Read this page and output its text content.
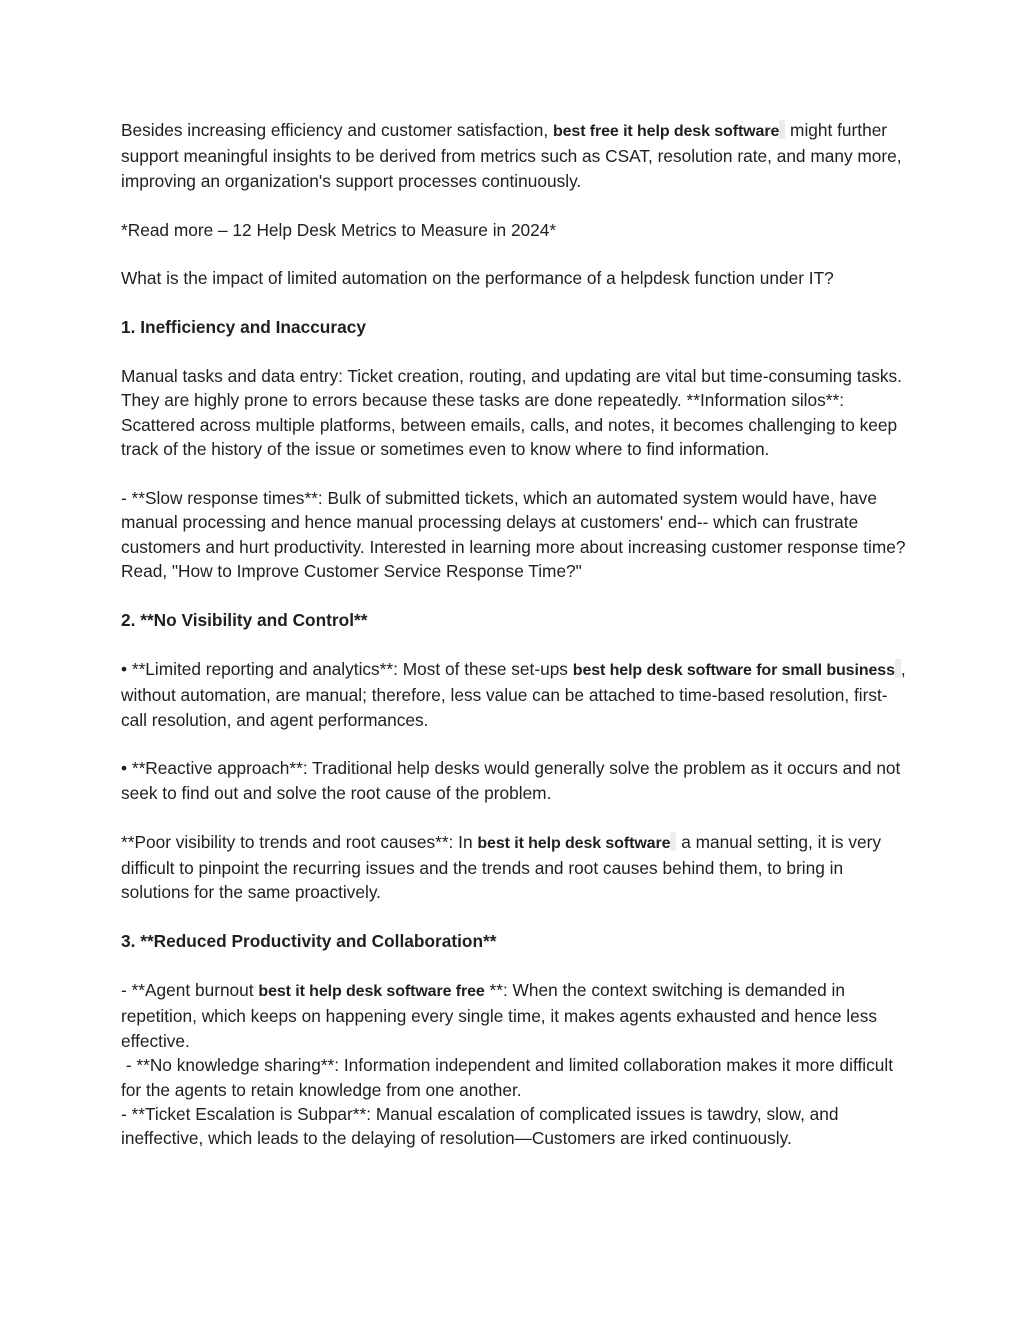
Besides increasing efficiency and customer satisfaction, best free it help desk software might further support meaningful insights to be derived from metrics such as CSAT, resolution rate, and many more, improving an organization's support processes continuously.

*Read more – 12 Help Desk Metrics to Measure in 2024*

What is the impact of limited automation on the performance of a helpdesk function under IT?

1. Inefficiency and Inaccuracy

Manual tasks and data entry: Ticket creation, routing, and updating are vital but time-consuming tasks. They are highly prone to errors because these tasks are done repeatedly. **Information silos**: Scattered across multiple platforms, between emails, calls, and notes, it becomes challenging to keep track of the history of the issue or sometimes even to know where to find information.

- **Slow response times**: Bulk of submitted tickets, which an automated system would have, have manual processing and hence manual processing delays at customers' end-- which can frustrate customers and hurt productivity. Interested in learning more about increasing customer response time? Read, "How to Improve Customer Service Response Time?"

2. **No Visibility and Control**

• **Limited reporting and analytics**: Most of these set-ups best help desk software for small business , without automation, are manual; therefore, less value can be attached to time-based resolution, first-call resolution, and agent performances.

• **Reactive approach**: Traditional help desks would generally solve the problem as it occurs and not seek to find out and solve the root cause of the problem.

**Poor visibility to trends and root causes**: In best it help desk software a manual setting, it is very difficult to pinpoint the recurring issues and the trends and root causes behind them, to bring in solutions for the same proactively.

3. **Reduced Productivity and Collaboration**

- **Agent burnout best it help desk software free **: When the context switching is demanded in repetition, which keeps on happening every single time, it makes agents exhausted and hence less effective.

- **No knowledge sharing**: Information independent and limited collaboration makes it more difficult for the agents to retain knowledge from one another.

- **Ticket Escalation is Subpar**: Manual escalation of complicated issues is tawdry, slow, and ineffective, which leads to the delaying of resolution—Customers are irked continuously.
